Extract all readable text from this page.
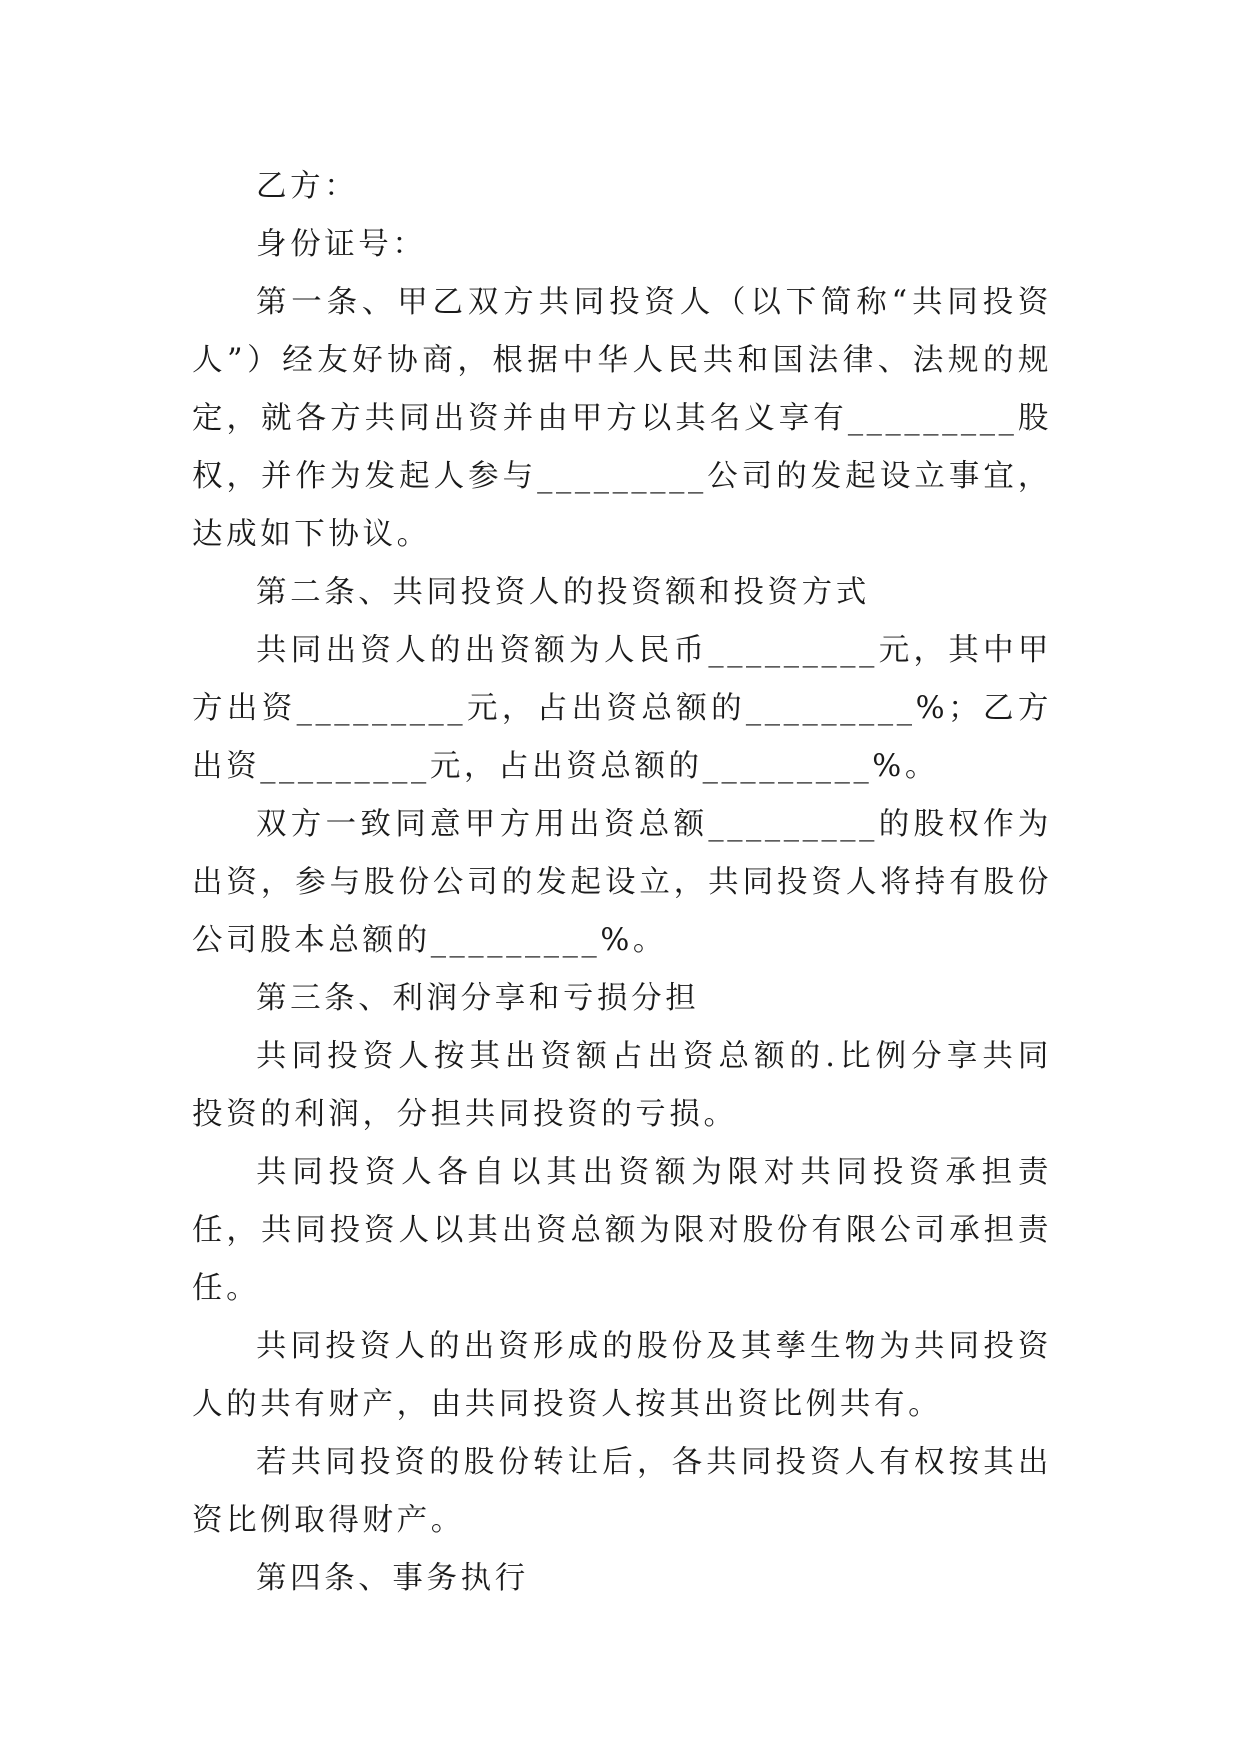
乙方：

身份证号：

第一条、甲乙双方共同投资人（以下简称“共同投资人”）经友好协商，根据中华人民共和国法律、法规的规定，就各方共同出资并由甲方以其名义享有_________股权，并作为发起人参与_________公司的发起设立事宜，达成如下协议。

第二条、共同投资人的投资额和投资方式

共同出资人的出资额为人民币_________元，其中甲方出资_________元，占出资总额的_________%；乙方出资_________元，占出资总额的_________%。

双方一致同意甲方用出资总额_________的股权作为出资，参与股份公司的发起设立，共同投资人将持有股份公司股本总额的_________%。

第三条、利润分享和亏损分担

共同投资人按其出资额占出资总额的.比例分享共同投资的利润，分担共同投资的亏损。

共同投资人各自以其出资额为限对共同投资承担责任，共同投资人以其出资总额为限对股份有限公司承担责任。

共同投资人的出资形成的股份及其孳生物为共同投资人的共有财产，由共同投资人按其出资比例共有。

若共同投资的股份转让后，各共同投资人有权按其出资比例取得财产。

第四条、事务执行
